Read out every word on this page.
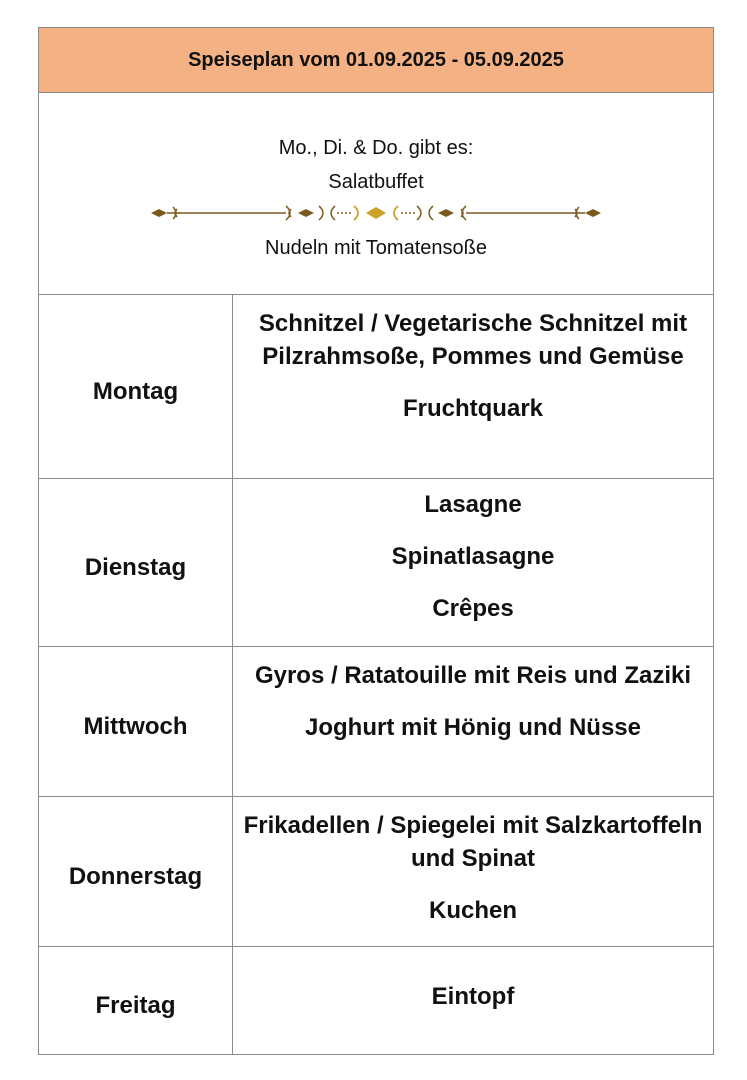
Speiseplan vom 01.09.2025 - 05.09.2025
Mo., Di. & Do. gibt es:
Salatbuffet
Nudeln mit Tomatensoße
Montag
Schnitzel / Vegetarische Schnitzel mit Pilzrahmsoße, Pommes und Gemüse
Fruchtquark
Dienstag
Lasagne
Spinatlasagne
Crêpes
Mittwoch
Gyros / Ratatouille mit Reis und Zaziki
Joghurt mit Hönig und Nüsse
Donnerstag
Frikadellen / Spiegelei mit Salzkartoffeln und Spinat
Kuchen
Freitag	Eintopf
